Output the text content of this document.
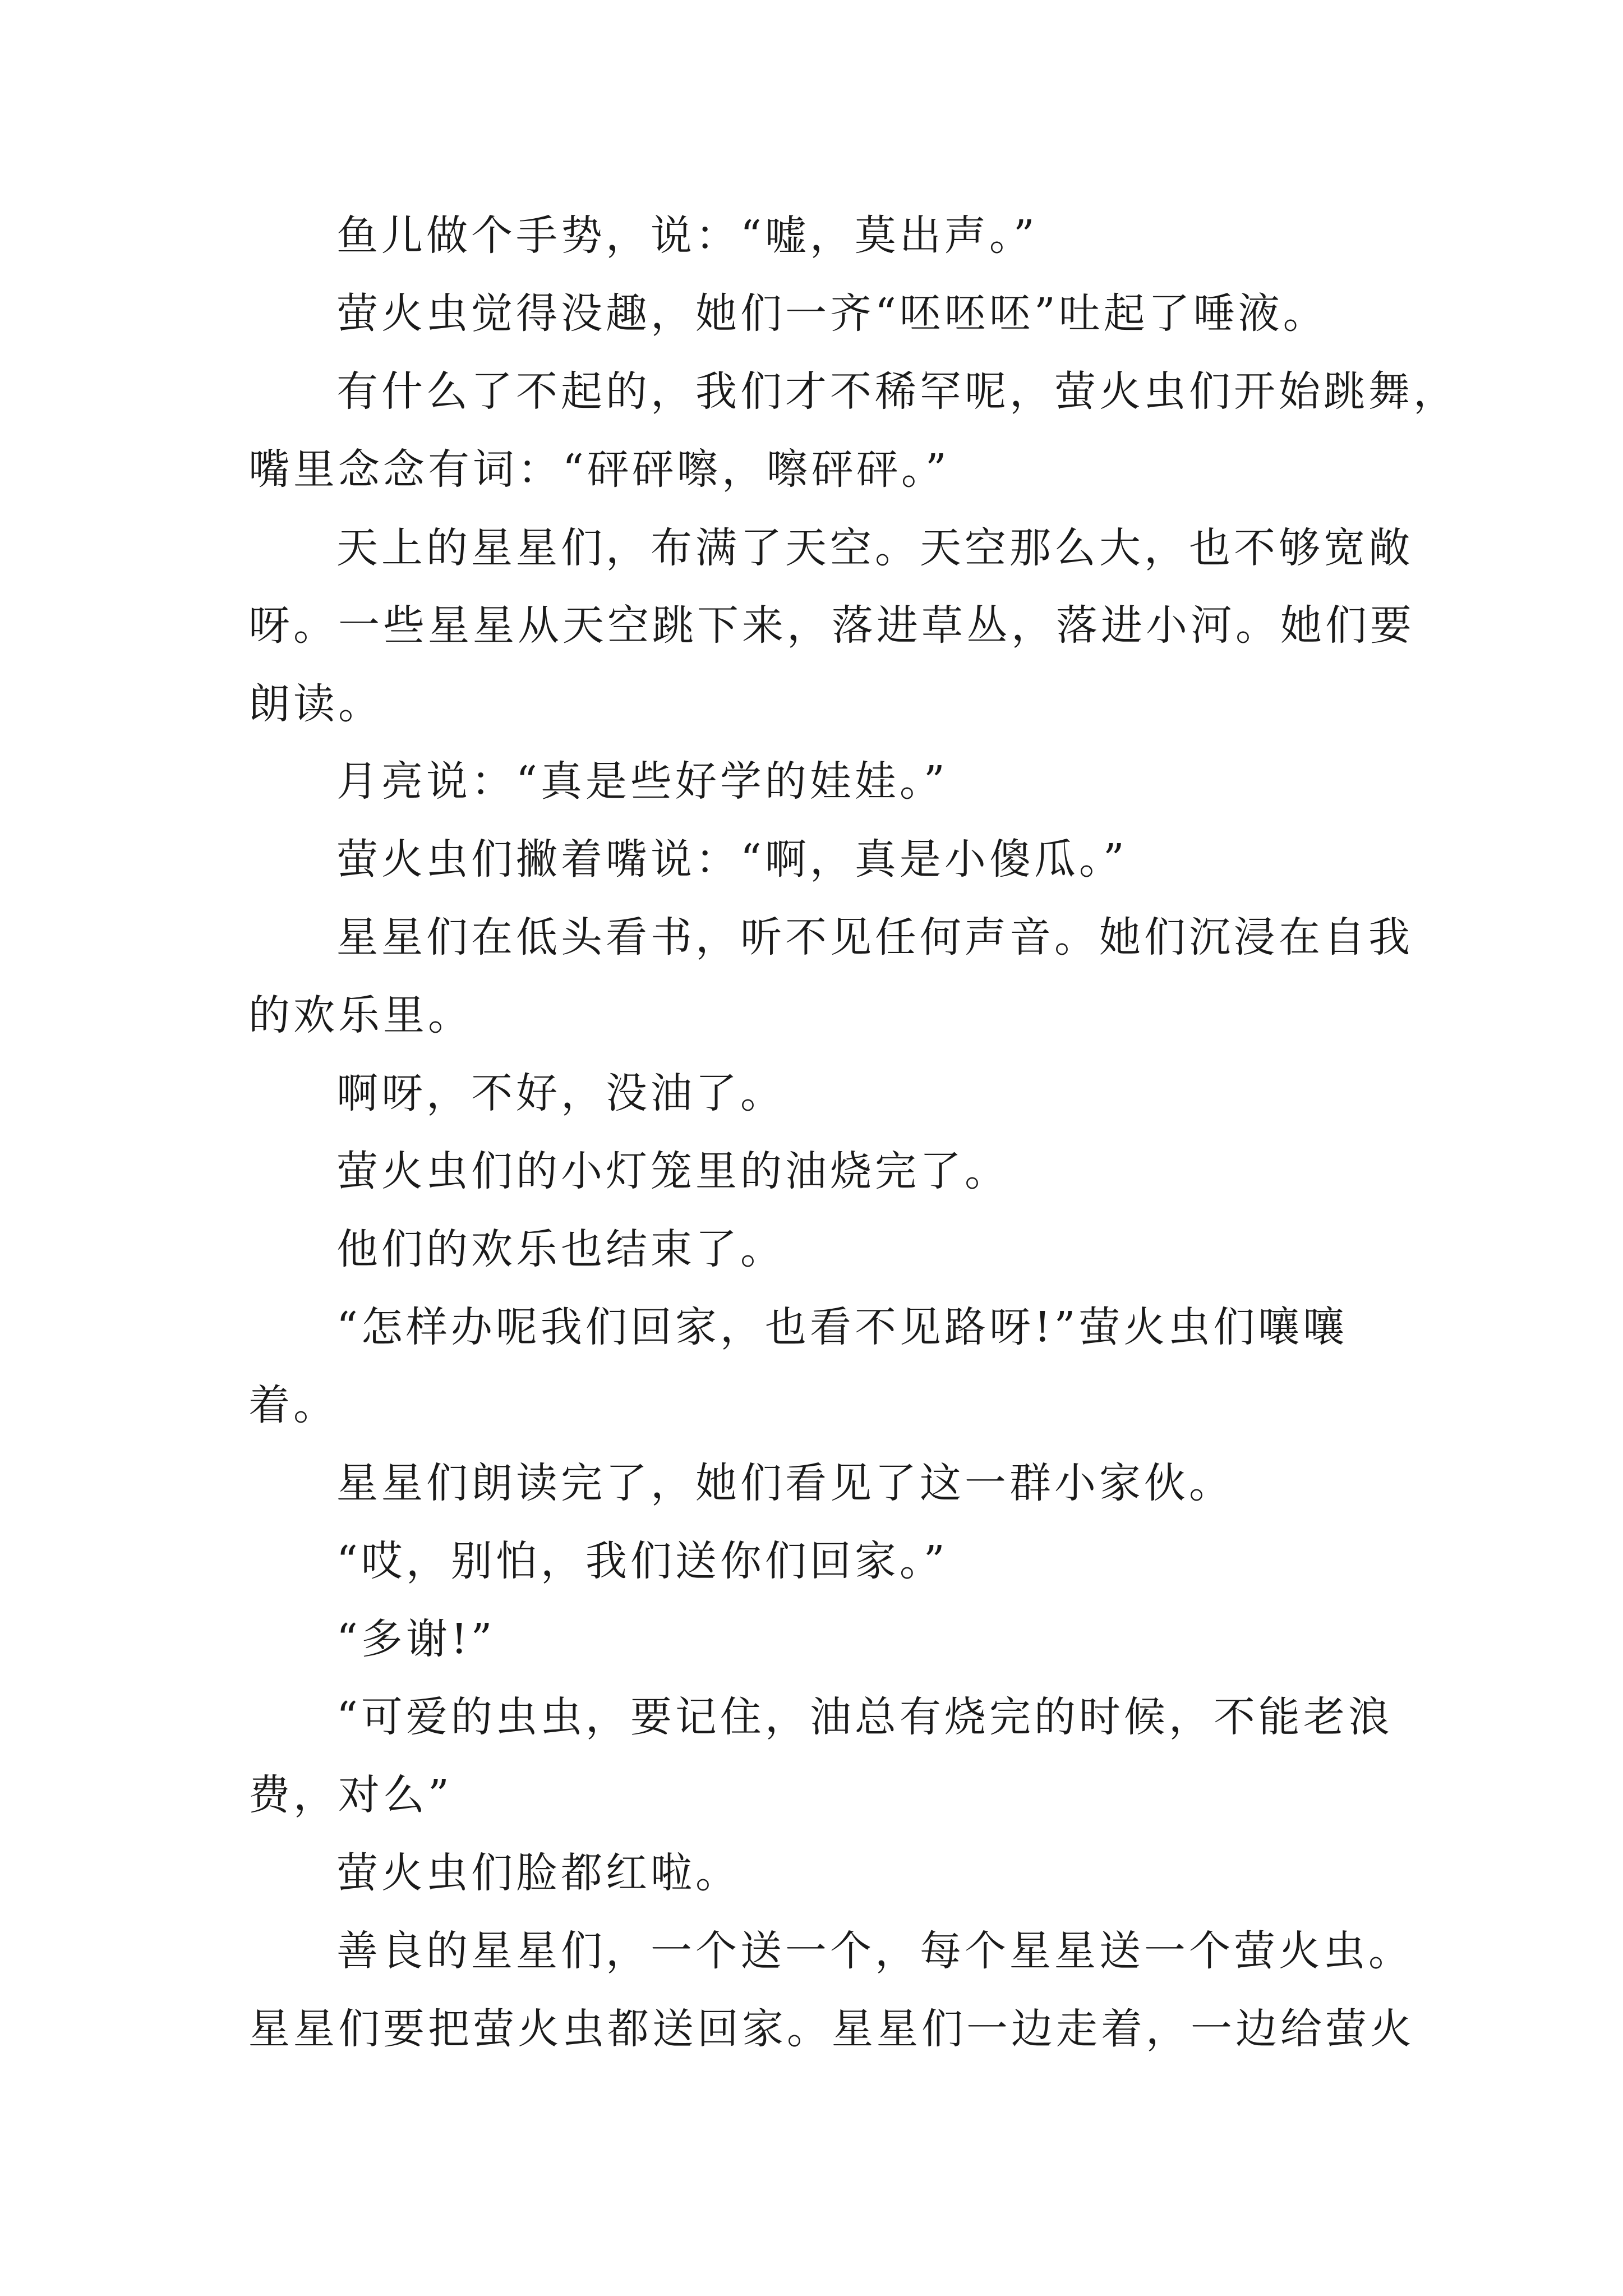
鱼儿做个手势，说：“嘘，莫出声。”

萤火虫觉得没趣，她们一齐“呸呸呸”吐起了唾液。

有什么了不起的，我们才不稀罕呢，萤火虫们开始跳舞，

嘴里念念有词：“砰砰嚓，嚓砰砰。”

天上的星星们，布满了天空。天空那么大，也不够宽敞

呀。一些星星从天空跳下来，落进草丛，落进小河。她们要

朗读。

月亮说：“真是些好学的娃娃。”

萤火虫们撇着嘴说：“啊，真是小傻瓜。”

星星们在低头看书，听不见任何声音。她们沉浸在自我

的欢乐里。

啊呀，不好，没油了。

萤火虫们的小灯笼里的油烧完了。

他们的欢乐也结束了。

“怎样办呢我们回家，也看不见路呀!”萤火虫们嚷嚷

着。

星星们朗读完了，她们看见了这一群小家伙。

“哎，别怕，我们送你们回家。”

“多谢!”

“可爱的虫虫，要记住，油总有烧完的时候，不能老浪

费，对么”

萤火虫们脸都红啦。

善良的星星们，一个送一个，每个星星送一个萤火虫。

星星们要把萤火虫都送回家。星星们一边走着，一边给萤火
